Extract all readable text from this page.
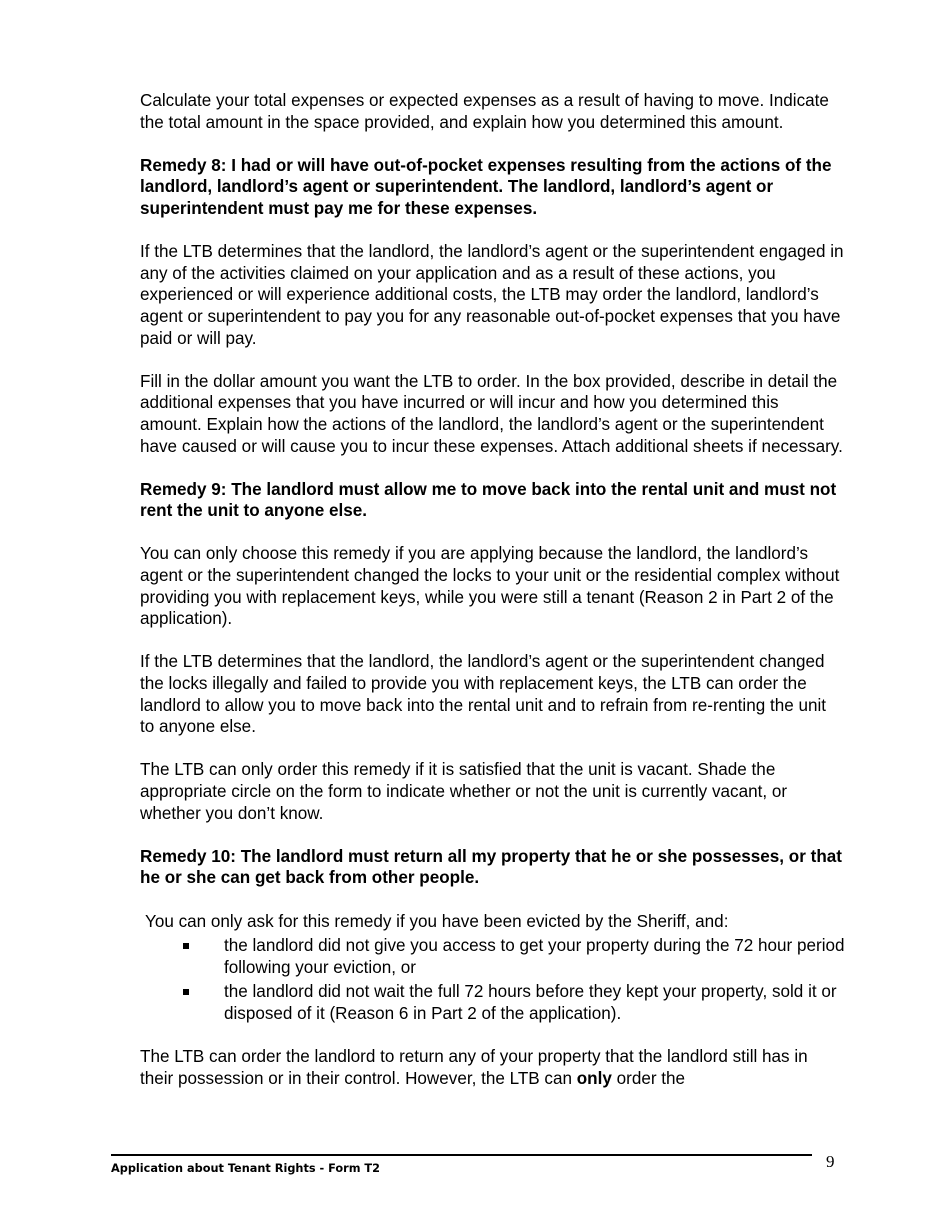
Calculate your total expenses or expected expenses as a result of having to move. Indicate the total amount in the space provided, and explain how you determined this amount.

Remedy 8: I had or will have out-of-pocket expenses resulting from the actions of the landlord, landlord’s agent or superintendent. The landlord, landlord’s agent or superintendent must pay me for these expenses.

If the LTB determines that the landlord, the landlord’s agent or the superintendent engaged in any of the activities claimed on your application and as a result of these actions, you experienced or will experience additional costs, the LTB may order the landlord, landlord’s agent or superintendent to pay you for any reasonable out-of-pocket expenses that you have paid or will pay.

Fill in the dollar amount you want the LTB to order. In the box provided, describe in detail the additional expenses that you have incurred or will incur and how you determined this amount. Explain how the actions of the landlord, the landlord’s agent or the superintendent have caused or will cause you to incur these expenses. Attach additional sheets if necessary.

Remedy 9: The landlord must allow me to move back into the rental unit and must not rent the unit to anyone else.

You can only choose this remedy if you are applying because the landlord, the landlord’s agent or the superintendent changed the locks to your unit or the residential complex without providing you with replacement keys, while you were still a tenant (Reason 2 in Part 2 of the application).

If the LTB determines that the landlord, the landlord’s agent or the superintendent changed the locks illegally and failed to provide you with replacement keys, the LTB can order the landlord to allow you to move back into the rental unit and to refrain from re-renting the unit to anyone else.

The LTB can only order this remedy if it is satisfied that the unit is vacant. Shade the appropriate circle on the form to indicate whether or not the unit is currently vacant, or whether you don’t know.

Remedy 10: The landlord must return all my property that he or she possesses, or that he or she can get back from other people.

You can only ask for this remedy if you have been evicted by the Sheriff, and:

the landlord did not give you access to get your property during the 72 hour period following your eviction, or
the landlord did not wait the full 72 hours before they kept your property, sold it or disposed of it (Reason 6 in Part 2 of the application).

The LTB can order the landlord to return any of your property that the landlord still has in their possession or in their control. However, the LTB can only order the

Application about Tenant Rights - Form T2	9
